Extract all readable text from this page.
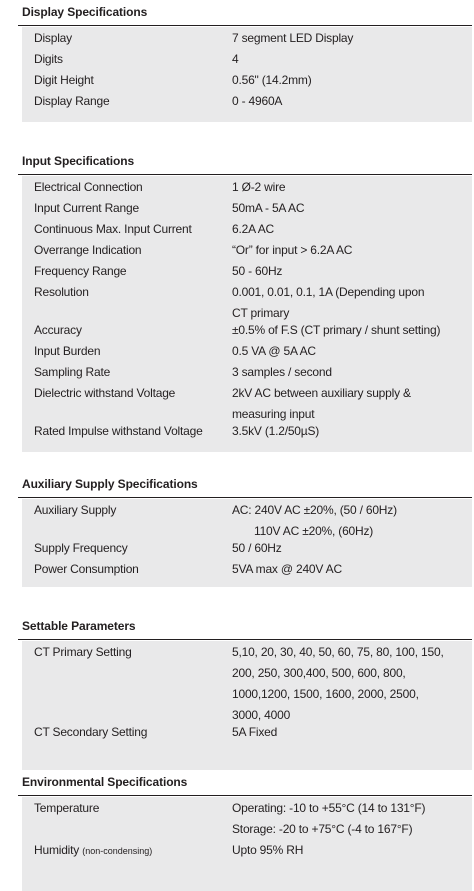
Display Specifications
Display	7 segment LED Display
Digits	4
Digit Height	0.56" (14.2mm)
Display Range	0 - 4960A
Input Specifications
Electrical Connection	1 Ø-2 wire
Input Current Range	50mA - 5A AC
Continuous Max. Input Current	6.2A AC
Overrange Indication	“Or” for input > 6.2A AC
Frequency Range	50 - 60Hz
Resolution	0.001, 0.01, 0.1, 1A (Depending upon
CT primary
Accuracy	±0.5% of F.S (CT primary / shunt setting)
Input Burden	0.5 VA @ 5A AC
Sampling Rate	3 samples / second
Dielectric withstand Voltage	2kV AC between auxiliary supply &
measuring input
Rated Impulse withstand Voltage 3.5kV (1.2/50µS)
Auxiliary Supply Specifications
Auxiliary Supply	AC: 240V AC ±20%, (50 / 60Hz)
110V AC ±20%, (60Hz)
Supply Frequency	50 / 60Hz
Power Consumption	5VA max @ 240V AC
Settable Parameters
CT Primary Setting	5,10, 20, 30, 40, 50, 60, 75, 80, 100, 150,
200, 250, 300,400, 500, 600, 800,
1000,1200, 1500, 1600, 2000, 2500,
3000, 4000
CT Secondary Setting	5A Fixed
Environmental Specifications
Temperature	Operating: -10 to +55°C (14 to 131°F)
Storage: -20 to +75°C (-4 to 167°F)
Humidity (non-condensing)	Upto 95% RH
